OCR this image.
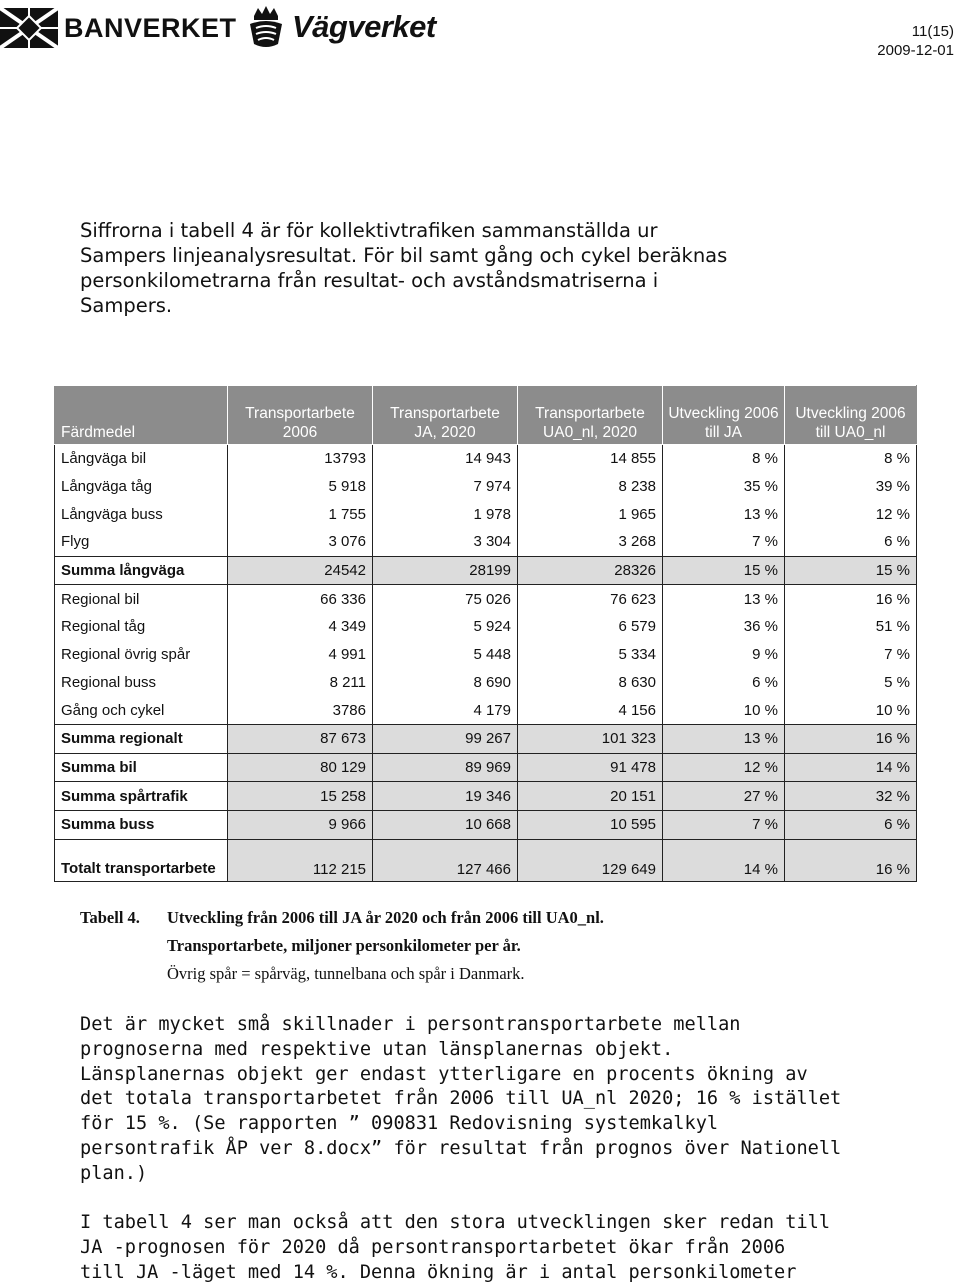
BANVERKET Vägverket	11(15)
2009-12-01
Siffrorna i tabell 4 är för kollektivtrafiken sammanställda ur
Sampers linjeanalysresultat. För bil samt gång och cykel beräknas
personkilometrarna från resultat- och avståndsmatriserna i
Sampers.
Färdmedel	Transportarbete 2006	Transportarbete JA, 2020	Transportarbete UA0_nl, 2020	Utveckling 2006 till JA	Utveckling 2006 till UA0_nl
Långväga bil	13793	14 943	14 855	8 %	8 %
Långväga tåg	5 918	7 974	8 238	35 %	39 %
Långväga buss	1 755	1 978	1 965	13 %	12 %
Flyg	3 076	3 304	3 268	7 %	6 %
Summa långväga	24542	28199	28326	15 %	15 %
Regional bil	66 336	75 026	76 623	13 %	16 %
Regional tåg	4 349	5 924	6 579	36 %	51 %
Regional övrig spår	4 991	5 448	5 334	9 %	7 %
Regional buss	8 211	8 690	8 630	6 %	5 %
Gång och cykel	3786	4 179	4 156	10 %	10 %
Summa regionalt	87 673	99 267	101 323	13 %	16 %
Summa bil	80 129	89 969	91 478	12 %	14 %
Summa spårtrafik	15 258	19 346	20 151	27 %	32 %
Summa buss	9 966	10 668	10 595	7 %	6 %
Totalt transportarbete	112 215	127 466	129 649	14 %	16 %
Tabell 4. Utveckling från 2006 till JA år 2020 och från 2006 till UA0_nl.
Transportarbete, miljoner personkilometer per år.
Övrig spår = spårväg, tunnelbana och spår i Danmark.
Det är mycket små skillnader i persontransportarbete mellan
prognoserna med respektive utan länsplanernas objekt.
Länsplanernas objekt ger endast ytterligare en procents ökning av
det totala transportarbetet från 2006 till UA_nl 2020; 16 % istället
för 15 %. (Se rapporten ” 090831 Redovisning systemkalkyl
persontrafik ÅP ver 8.docx” för resultat från prognos över Nationell
plan.)
I tabell 4 ser man också att den stora utvecklingen sker redan till
JA -prognosen för 2020 då persontransportarbetet ökar från 2006
till JA -läget med 14 %. Denna ökning är i antal personkilometer
